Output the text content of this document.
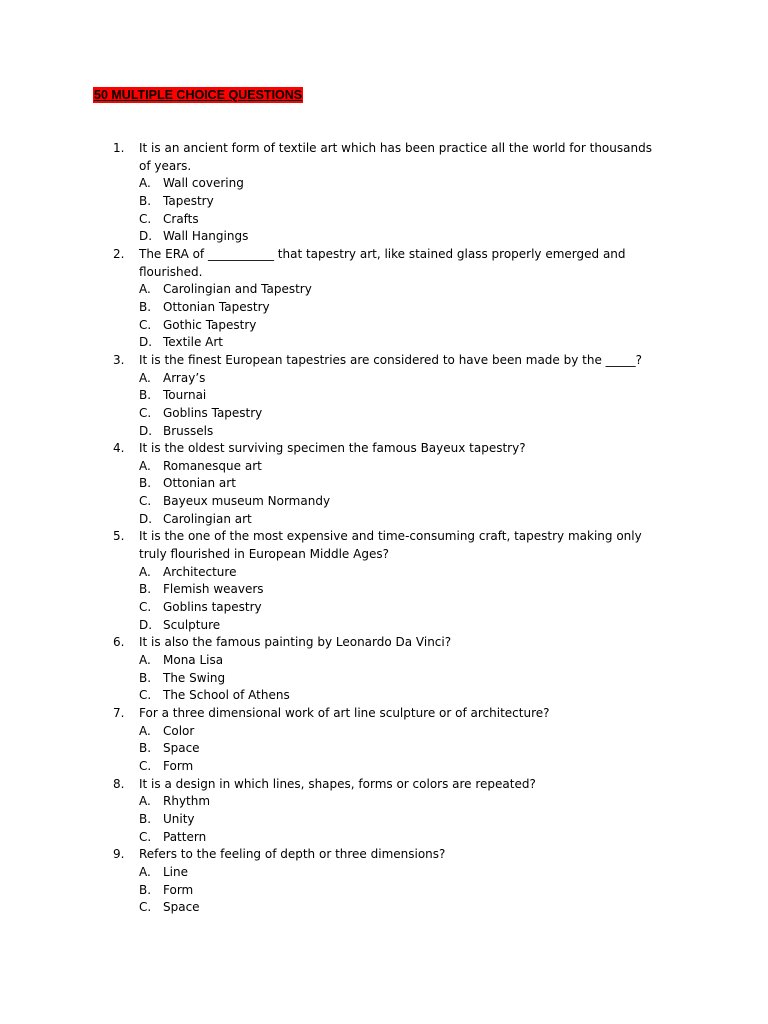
50 MULTIPLE CHOICE QUESTIONS
1. It is an ancient form of textile art which has been practice all the world for thousands of years.
A. Wall covering
B. Tapestry
C. Crafts
D. Wall Hangings
2. The ERA of ___________ that tapestry art, like stained glass properly emerged and flourished.
A. Carolingian and Tapestry
B. Ottonian Tapestry
C. Gothic Tapestry
D. Textile Art
3. It is the finest European tapestries are considered to have been made by the _____?
A. Array’s
B. Tournai
C. Goblins Tapestry
D. Brussels
4. It is the oldest surviving specimen the famous Bayeux tapestry?
A. Romanesque art
B. Ottonian art
C. Bayeux museum Normandy
D. Carolingian art
5. It is the one of the most expensive and time-consuming craft, tapestry making only truly flourished in European Middle Ages?
A. Architecture
B. Flemish weavers
C. Goblins tapestry
D. Sculpture
6. It is also the famous painting by Leonardo Da Vinci?
A. Mona Lisa
B. The Swing
C. The School of Athens
7. For a three dimensional work of art line sculpture or of architecture?
A. Color
B. Space
C. Form
8. It is a design in which lines, shapes, forms or colors are repeated?
A. Rhythm
B. Unity
C. Pattern
9. Refers to the feeling of depth or three dimensions?
A. Line
B. Form
C. Space
